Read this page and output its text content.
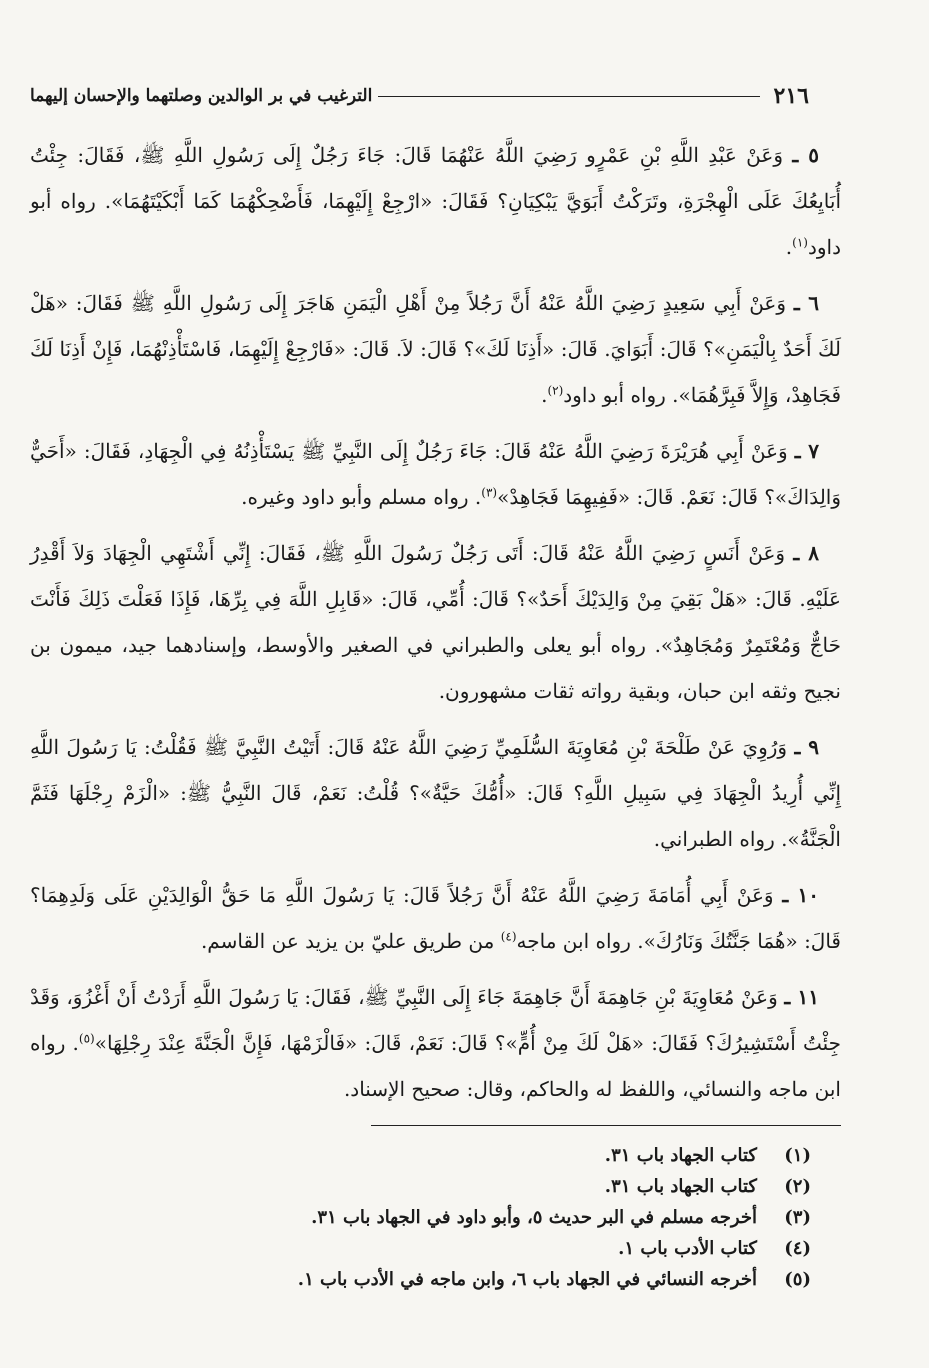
٢١٦
الترغيب في بر الوالدين وصلتهما والإحسان إليهما

٥ ـ وَعَنْ عَبْدِ اللَّهِ بْنِ عَمْرٍو رَضِيَ اللَّهُ عَنْهُمَا قَالَ: جَاءَ رَجُلٌ إِلَى رَسُولِ اللَّهِ ﷺ، فَقَالَ: جِئْتُ أُبَايِعُكَ عَلَى الْهِجْرَةِ، وتَرَكْتُ أَبَوَيَّ يَبْكِيَانِ؟ فَقَالَ: «ارْجِعْ إِلَيْهِمَا، فَأَضْحِكْهُمَا كَمَا أَبْكَيْتَهُمَا». رواه أبو داود$^{(١)}$.

٦ ـ وَعَنْ أَبِي سَعِيدٍ رَضِيَ اللَّهُ عَنْهُ أَنَّ رَجُلاً مِنْ أَهْلِ الْيَمَنِ هَاجَرَ إِلَى رَسُولِ اللَّهِ ﷺ فَقَالَ: «هَلْ لَكَ أَحَدٌ بِالْيَمَنِ»؟ قَالَ: أَبَوَايَ. قَالَ: «أَذِنَا لَكَ»؟ قَالَ: لاَ. قَالَ: «فَارْجِعْ إِلَيْهِمَا، فَاسْتَأْذِنْهُمَا، فَإِنْ أَذِنَا لَكَ فَجَاهِدْ، وَإِلاَّ فَبِرَّهُمَا». رواه أبو داود$^{(٢)}$.

٧ ـ وَعَنْ أَبِي هُرَيْرَةَ رَضِيَ اللَّهُ عَنْهُ قَالَ: جَاءَ رَجُلٌ إِلَى النَّبِيِّ ﷺ يَسْتَأْذِنُهُ فِي الْجِهَادِ، فَقَالَ: «أَحَيٌّ وَالِدَاكَ»؟ قَالَ: نَعَمْ. قَالَ: «فَفِيهِمَا فَجَاهِدْ»$^{(٣)}$. رواه مسلم وأبو داود وغيره.

٨ ـ وَعَنْ أَنَسٍ رَضِيَ اللَّهُ عَنْهُ قَالَ: أَتَى رَجُلٌ رَسُولَ اللَّهِ ﷺ، فَقَالَ: إِنِّي أَشْتَهِي الْجِهَادَ وَلاَ أَقْدِرُ عَلَيْهِ. قَالَ: «هَلْ بَقِيَ مِنْ وَالِدَيْكَ أَحَدٌ»؟ قَالَ: أُمِّي، قَالَ: «قَابِلِ اللَّهَ فِي بِرِّهَا، فَإِذَا فَعَلْتَ ذَلِكَ فَأَنْتَ حَاجٌّ وَمُعْتَمِرٌ وَمُجَاهِدٌ». رواه أبو يعلى والطبراني في الصغير والأوسط، وإسنادهما جيد، ميمون بن نجيح وثقه ابن حبان، وبقية رواته ثقات مشهورون.

٩ ـ وَرُوِيَ عَنْ طَلْحَةَ بْنِ مُعَاوِيَةَ السُّلَمِيِّ رَضِيَ اللَّهُ عَنْهُ قَالَ: أَتَيْتُ النَّبِيَّ ﷺ فَقُلْتُ: يَا رَسُولَ اللَّهِ إِنِّي أُرِيدُ الْجِهَادَ فِي سَبِيلِ اللَّهِ؟ قَالَ: «أُمُّكَ حَيَّةٌ»؟ قُلْتُ: نَعَمْ، قَالَ النَّبِيُّ ﷺ: «الْزَمْ رِجْلَهَا فَثَمَّ الْجَنَّةُ». رواه الطبراني.

١٠ ـ وَعَنْ أَبِي أُمَامَةَ رَضِيَ اللَّهُ عَنْهُ أَنَّ رَجُلاً قَالَ: يَا رَسُولَ اللَّهِ مَا حَقُّ الْوَالِدَيْنِ عَلَى وَلَدِهِمَا؟ قَالَ: «هُمَا جَنَّتُكَ وَنَارُكَ». رواه ابن ماجه$^{(٤)}$ من طريق عليّ بن يزيد عن القاسم.

١١ ـ وَعَنْ مُعَاوِيَةَ بْنِ جَاهِمَةَ أَنَّ جَاهِمَةَ جَاءَ إِلَى النَّبِيِّ ﷺ، فَقَالَ: يَا رَسُولَ اللَّهِ أَرَدْتُ أَنْ أَغْزُوَ، وَقَدْ جِئْتُ أَسْتَشِيرُكَ؟ فَقَالَ: «هَلْ لَكَ مِنْ أُمٍّ»؟ قَالَ: نَعَمْ، قَالَ: «فَالْزَمْهَا، فَإِنَّ الْجَنَّةَ عِنْدَ رِجْلِهَا»$^{(٥)}$. رواه ابن ماجه والنسائي، واللفظ له والحاكم، وقال: صحيح الإسناد.

(١)
كتاب الجهاد باب ٣١.
(٢)
كتاب الجهاد باب ٣١.
(٣)
أخرجه مسلم في البر حديث ٥، وأبو داود في الجهاد باب ٣١.
(٤)
كتاب الأدب باب ١.
(٥)
أخرجه النسائي في الجهاد باب ٦، وابن ماجه في الأدب باب ١.
